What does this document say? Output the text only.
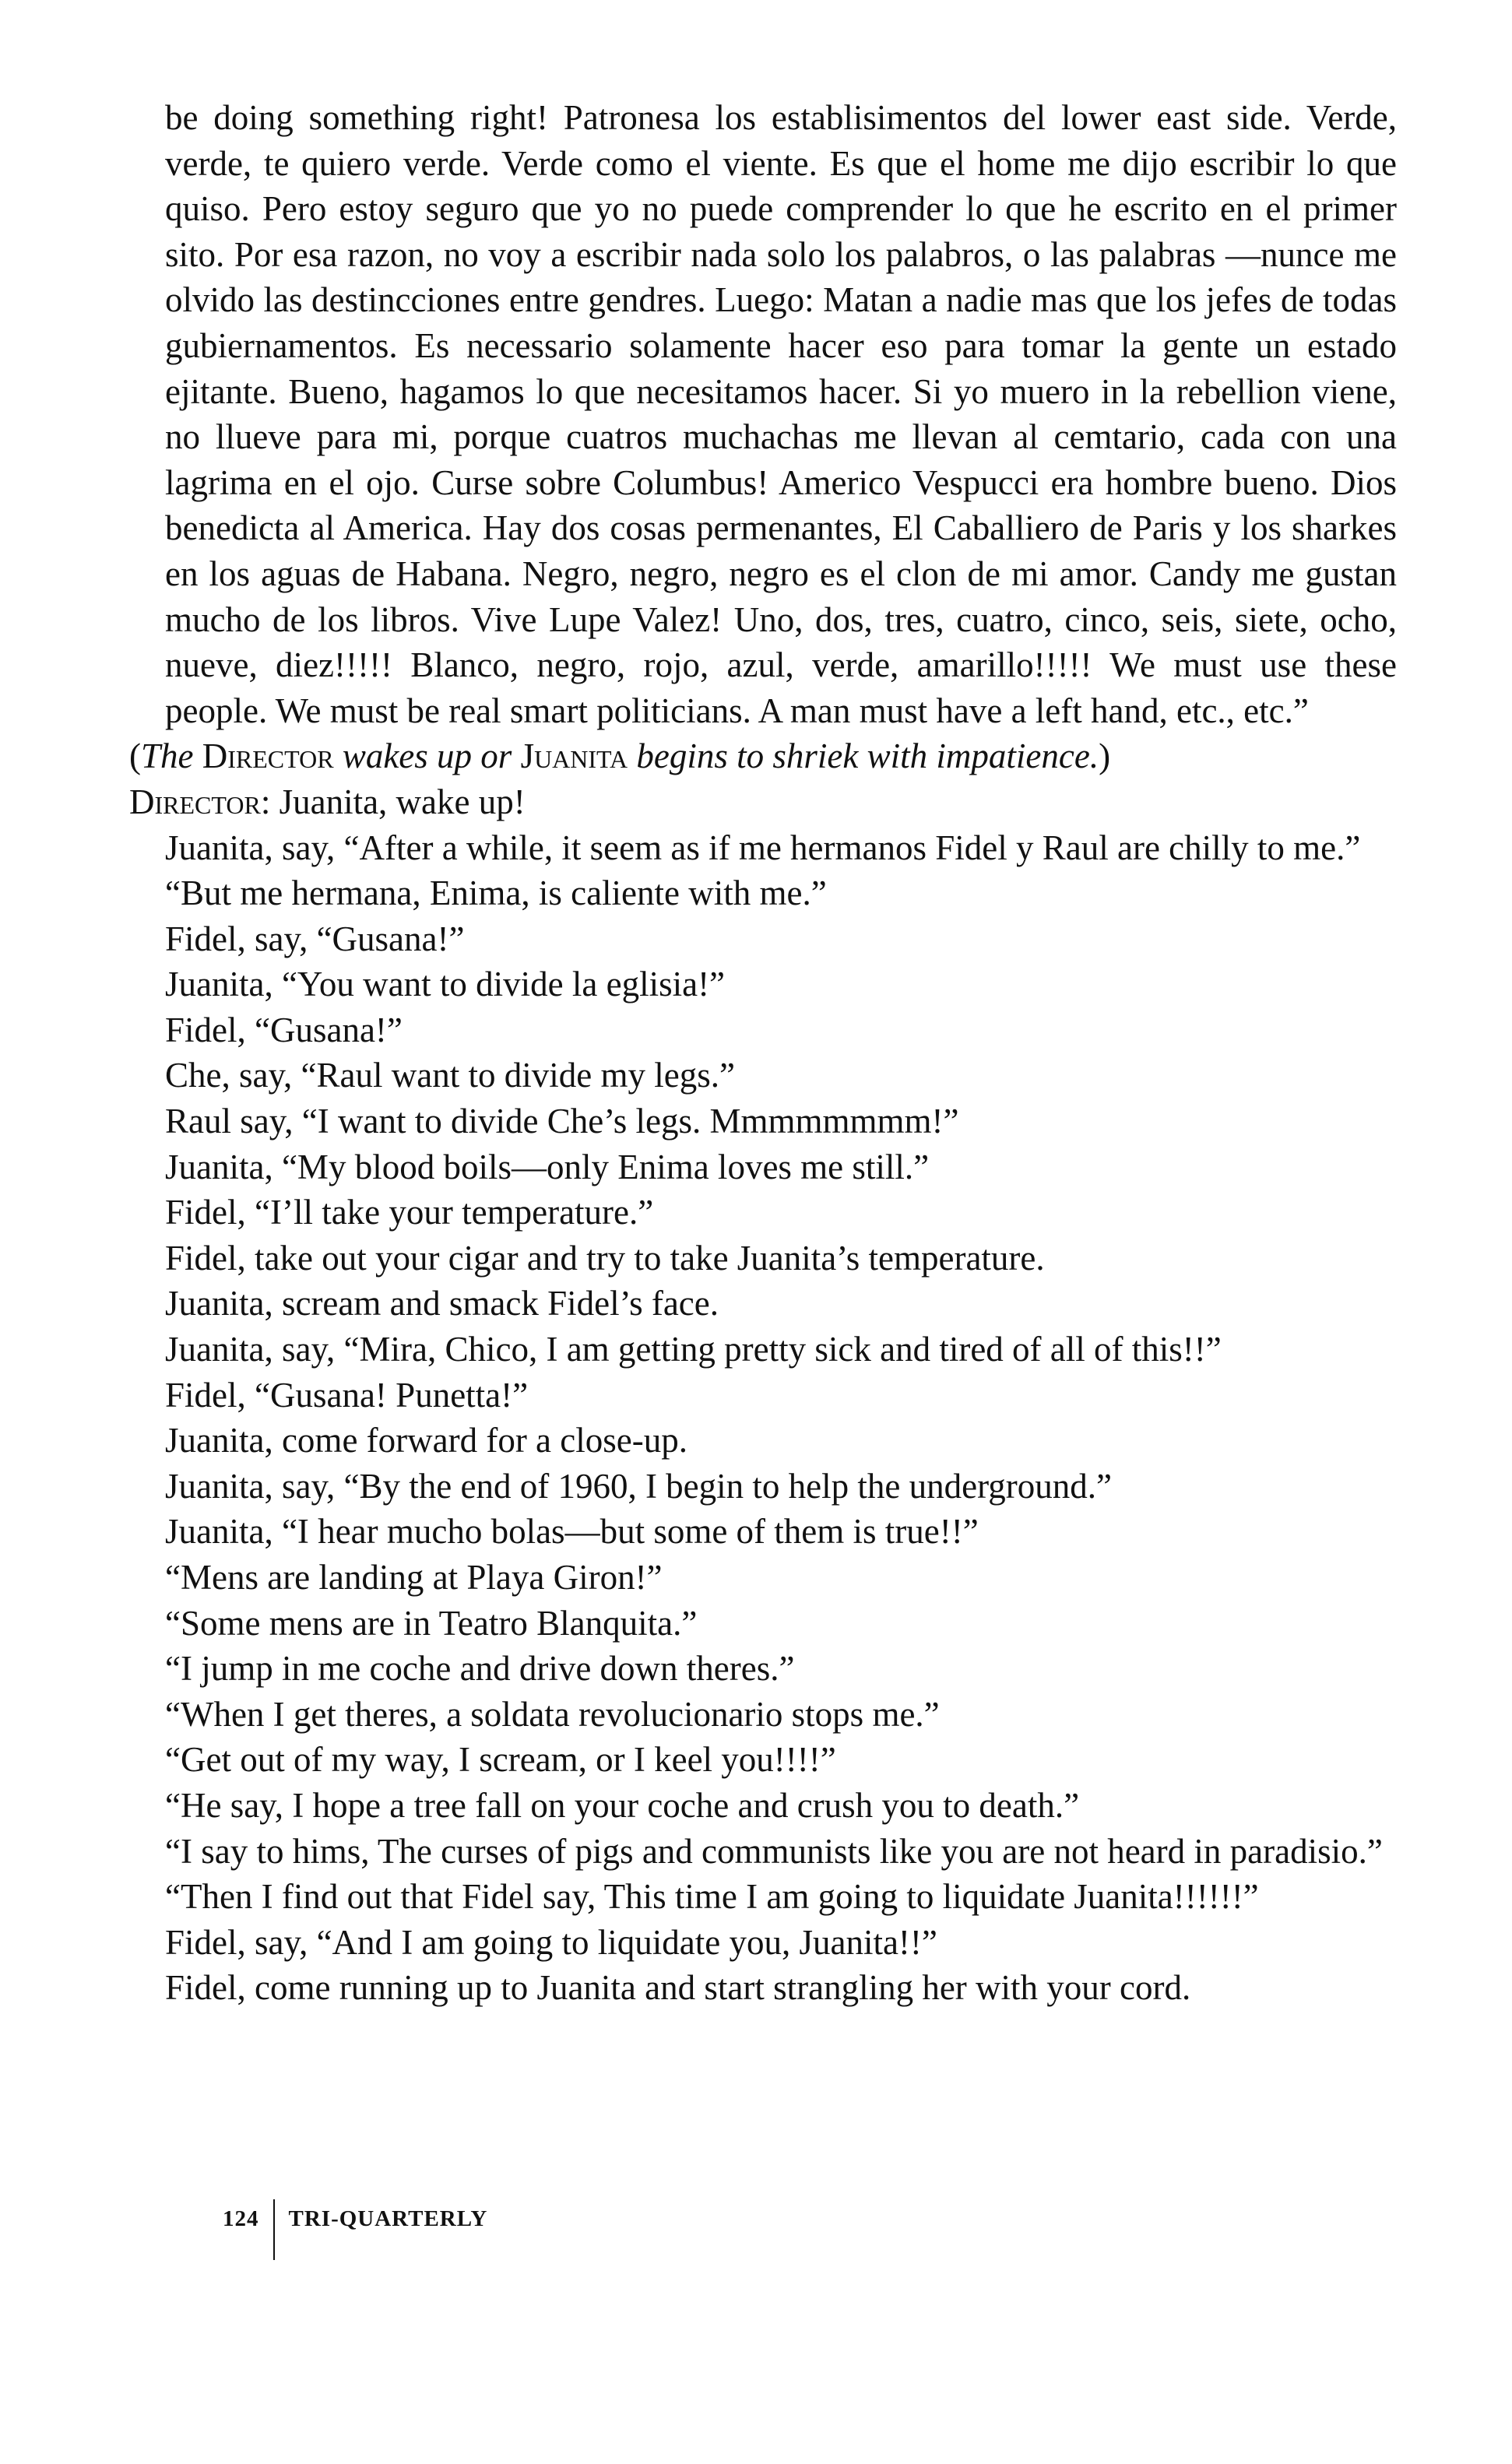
be doing something right! Patronesa los establisimentos del lower east side. Verde, verde, te quiero verde. Verde como el viente. Es que el home me dijo escribir lo que quiso. Pero estoy seguro que yo no puede comprender lo que he escrito en el primer sito. Por esa razon, no voy a escribir nada solo los palabros, o las palabras —nunce me olvido las destincciones entre gendres. Luego: Matan a nadie mas que los jefes de todas gubiernamentos. Es necessario solamente hacer eso para tomar la gente un estado ejitante. Bueno, hagamos lo que necesitamos hacer. Si yo muero in la rebellion viene, no llueve para mi, porque cuatros muchachas me llevan al cemtario, cada con una lagrima en el ojo. Curse sobre Columbus! Americo Vespucci era hombre bueno. Dios benedicta al America. Hay dos cosas permenantes, El Caballiero de Paris y los sharkes en los aguas de Habana. Negro, negro, negro es el clon de mi amor. Candy me gustan mucho de los libros. Vive Lupe Valez! Uno, dos, tres, cuatro, cinco, seis, siete, ocho, nueve, diez!!!!! Blanco, negro, rojo, azul, verde, amarillo!!!!! We must use these people. We must be real smart politicians. A man must have a left hand, etc., etc.”

(The Director wakes up or Juanita begins to shriek with impatience.)

Director: Juanita, wake up!

Juanita, say, “After a while, it seem as if me hermanos Fidel y Raul are chilly to me.”

“But me hermana, Enima, is caliente with me.”

Fidel, say, “Gusana!”

Juanita, “You want to divide la eglisia!”

Fidel, “Gusana!”

Che, say, “Raul want to divide my legs.”

Raul say, “I want to divide Che’s legs. Mmmmmmmm!”

Juanita, “My blood boils—only Enima loves me still.”

Fidel, “I’ll take your temperature.”

Fidel, take out your cigar and try to take Juanita’s temperature.

Juanita, scream and smack Fidel’s face.

Juanita, say, “Mira, Chico, I am getting pretty sick and tired of all of this!!”

Fidel, “Gusana! Punetta!”

Juanita, come forward for a close-up.

Juanita, say, “By the end of 1960, I begin to help the underground.”

Juanita, “I hear mucho bolas—but some of them is true!!”

“Mens are landing at Playa Giron!”

“Some mens are in Teatro Blanquita.”

“I jump in me coche and drive down theres.”

“When I get theres, a soldata revolucionario stops me.”

“Get out of my way, I scream, or I keel you!!!!”

“He say, I hope a tree fall on your coche and crush you to death.”

“I say to hims, The curses of pigs and communists like you are not heard in paradisio.”

“Then I find out that Fidel say, This time I am going to liquidate Juanita!!!!!!”

Fidel, say, “And I am going to liquidate you, Juanita!!”

Fidel, come running up to Juanita and start strangling her with your cord.

124 TRI-QUARTERLY
